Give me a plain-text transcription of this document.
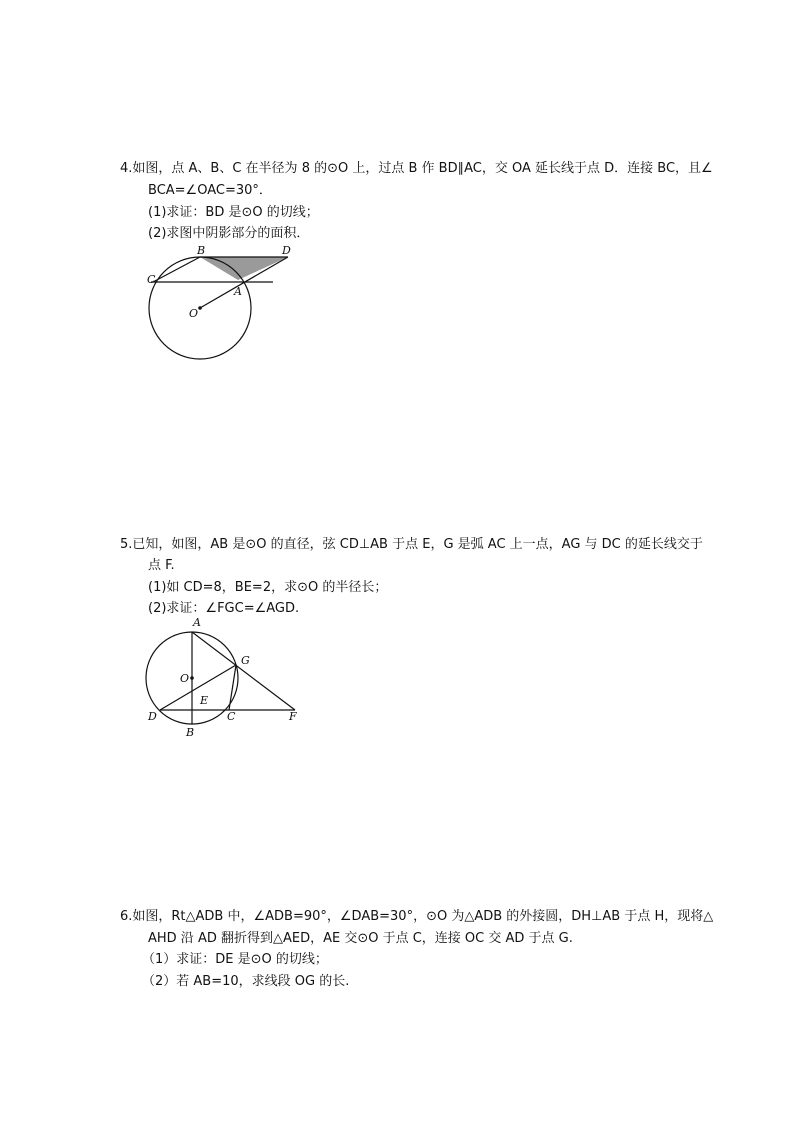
4.如图，点 A、B、C 在半径为 8 的⊙O 上，过点 B 作 BD∥AC，交 OA 延长线于点 D．连接 BC，且∠
BCA=∠OAC=30°．
(1)求证：BD 是⊙O 的切线；
(2)求图中阴影部分的面积．
B	D
C
A
O
5.已知，如图，AB 是⊙O 的直径，弦 CD⊥AB 于点 E，G 是弧 AC 上一点，AG 与 DC 的延长线交于
点 F.
(1)如 CD=8，BE=2，求⊙O 的半径长；
(2)求证：∠FGC=∠AGD.
A
G
O
E
D	C	F
B
6.如图，Rt△ADB 中，∠ADB=90°，∠DAB=30°，⊙O 为△ADB 的外接圆，DH⊥AB 于点 H，现将△
AHD 沿 AD 翻折得到△AED，AE 交⊙O 于点 C，连接 OC 交 AD 于点 G.
（1）求证：DE 是⊙O 的切线；
（2）若 AB=10，求线段 OG 的长.
